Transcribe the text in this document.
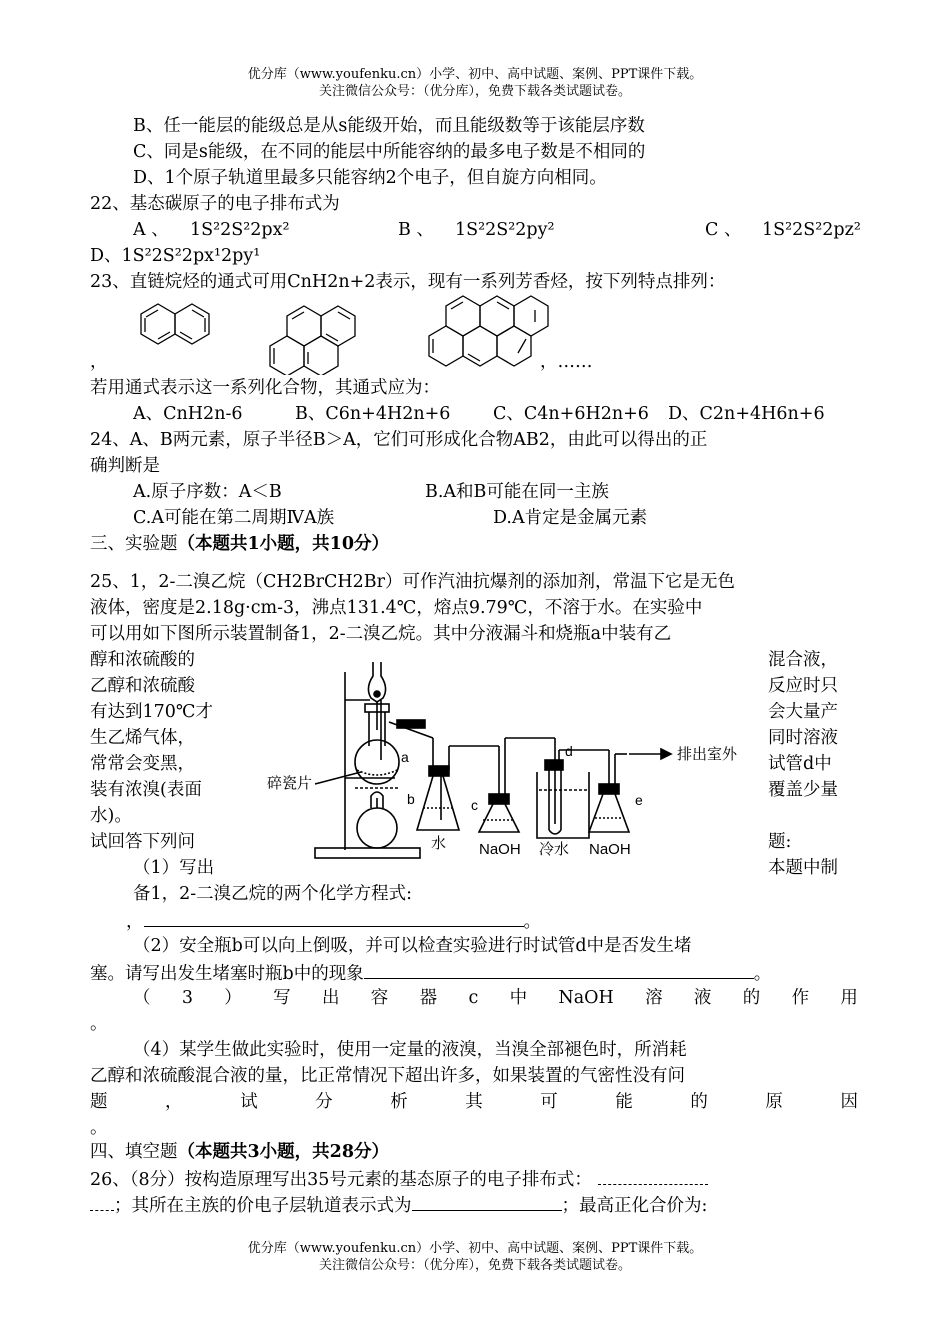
优分库（www.youfenku.cn）小学、初中、高中试题、案例、PPT课件下载。
关注微信公众号：（优分库），免费下载各类试题试卷。
B、任一能层的能级总是从s能级开始，而且能级数等于该能层序数
C、同是s能级，在不同的能层中所能容纳的最多电子数是不相同的
D、1个原子轨道里最多只能容纳2个电子，但自旋方向相同。
22、基态碳原子的电子排布式为
A 、 1S²2S²2px²	B 、 1S²2S²2py²	C 、 1S²2S²2pz²
D、1S²2S²2px¹2py¹
23、直链烷烃的通式可用CnH2n+2表示，现有一系列芳香烃，按下列特点排列：
，	，……
若用通式表示这一系列化合物，其通式应为：
A、CnH2n-6	B、C6n+4H2n+6 C、C4n+6H2n+6 D、C2n+4H6n+6
24、A、B两元素，原子半径B＞A，它们可形成化合物AB2，由此可以得出的正
确判断是
A.原子序数：A＜B	B.A和B可能在同一主族
C.A可能在第二周期ⅣA族	D.A肯定是金属元素
三、实验题（本题共1小题，共10分）
25、1，2-二溴乙烷（CH2BrCH2Br）可作汽油抗爆剂的添加剂，常温下它是无色
液体，密度是2.18g·cm-3，沸点131.4℃，熔点9.79℃，不溶于水。在实验中
可以用如下图所示装置制备1，2-二溴乙烷。其中分液漏斗和烧瓶a中装有乙
醇和浓硫酸的
乙醇和浓硫酸
有达到170℃才
生乙烯气体，
常常会变黑，
装有浓溴(表面
水)。
试回答下列问
混合液，
反应时只
会大量产
同时溶液
试管d中
覆盖少量
题:
a
b	c
d
e
碎瓷片
水 NaOH 冷水 NaOH
排出室外
（1）写出	本题中制
备1，2-二溴乙烷的两个化学方程式:
，	。
（2）安全瓶b可以向上倒吸，并可以检查实验进行时试管d中是否发生堵
塞。请写出发生堵塞时瓶b中的现象	。
（ 3 ） 写 出 容 器 c 中 NaOH 溶 液 的 作 用
。
（4）某学生做此实验时，使用一定量的液溴，当溴全部褪色时，所消耗
乙醇和浓硫酸混合液的量，比正常情况下超出许多，如果装置的气密性没有问
题	，	试	分	析	其	可	能	的	原	因
。
四、填空题（本题共3小题，共28分）
26、（8分）按构造原理写出35号元素的基态原子的电子排布式：
；其所在主族的价电子层轨道表示式为	；最高正化合价为:
优分库（www.youfenku.cn）小学、初中、高中试题、案例、PPT课件下载。
关注微信公众号：（优分库），免费下载各类试题试卷。
